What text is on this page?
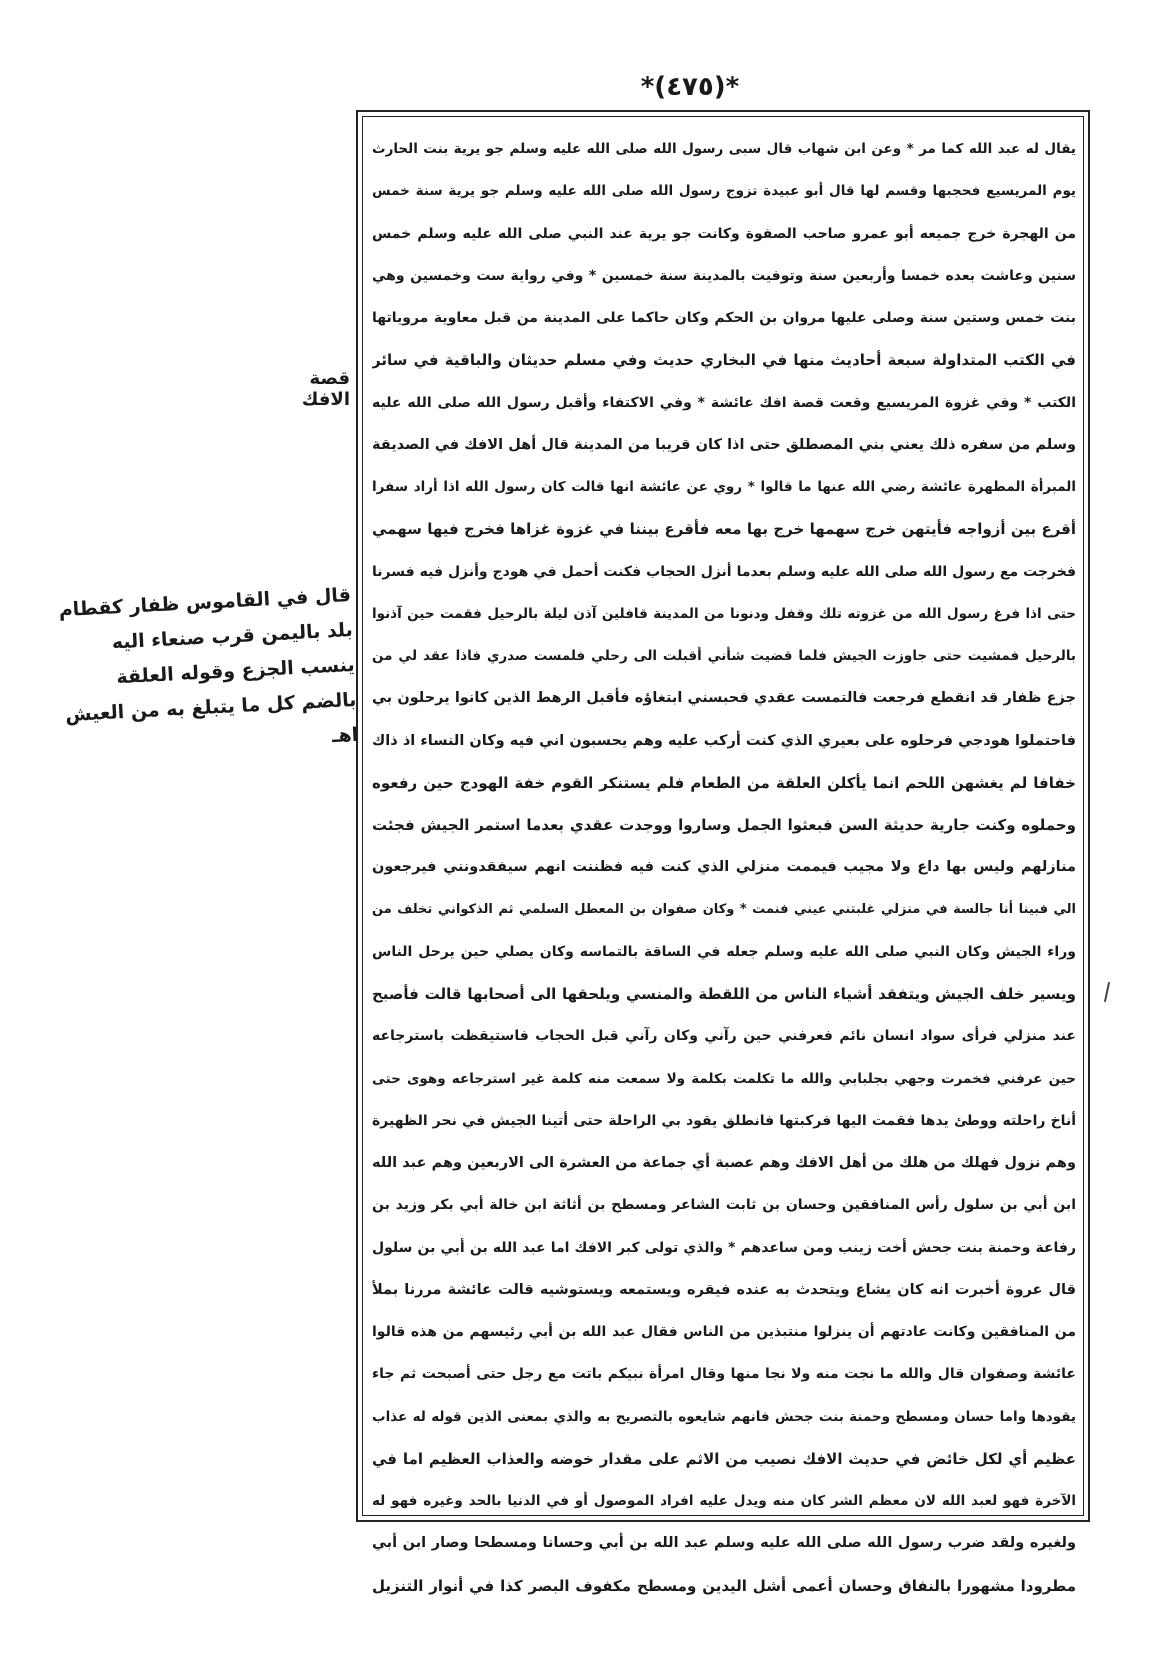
*(٤٧٥)*
يقال له عبد الله كما مر * وعن ابن شهاب قال سبى رسول الله صلى الله عليه وسلم جو يرية بنت الحارث
يوم المريسيع فحجبها وقسم لها قال أبو عبيدة تزوج رسول الله صلى الله عليه وسلم جو يرية سنة خمس
من الهجرة خرج جميعه أبو عمرو صاحب الصفوة وكانت جو يرية عند النبي صلى الله عليه وسلم خمس
سنين وعاشت بعده خمسا وأربعين سنة وتوفيت بالمدينة سنة خمسين * وفي رواية ست وخمسين وهي
بنت خمس وستين سنة وصلى عليها مروان بن الحكم وكان حاكما على المدينة من قبل معاوية مروياتها
في الكتب المتداولة سبعة أحاديث منها في البخاري حديث وفي مسلم حديثان والباقية في سائر
الكتب * وفي غزوة المريسيع وقعت قصة افك عائشة * وفي الاكتفاء وأقبل رسول الله صلى الله عليه
وسلم من سفره ذلك يعني بني المصطلق حتى اذا كان قريبا من المدينة قال أهل الافك في الصديقة
المبرأة المطهرة عائشة رضي الله عنها ما قالوا * روي عن عائشة انها قالت كان رسول الله اذا أراد سفرا
أقرع بين أزواجه فأيتهن خرج سهمها خرج بها معه فأقرع بيننا في غزوة غزاها فخرج فيها سهمي
فخرجت مع رسول الله صلى الله عليه وسلم بعدما أنزل الحجاب فكنت أحمل في هودج وأنزل فيه فسرنا
حتى اذا فرغ رسول الله من غزوته تلك وقفل ودنونا من المدينة قافلين آذن ليلة بالرحيل فقمت حين آذنوا
بالرحيل فمشيت حتى جاوزت الجيش فلما قضيت شأني أقبلت الى رحلي فلمست صدري فاذا عقد لي من
جزع ظفار قد انقطع فرجعت فالتمست عقدي فحبسني ابتغاؤه فأقبل الرهط الذين كانوا يرحلون بي
فاحتملوا هودجي فرحلوه على بعيري الذي كنت أركب عليه وهم يحسبون اني فيه وكان النساء اذ ذاك
خفافا لم يغشهن اللحم انما يأكلن العلقة من الطعام فلم يستنكر القوم خفة الهودج حين رفعوه
وحملوه وكنت جارية حديثة السن فبعثوا الجمل وساروا ووجدت عقدي بعدما استمر الجيش فجئت
منازلهم وليس بها داع ولا مجيب فيممت منزلي الذي كنت فيه فظننت انهم سيفقدونني فيرجعون
الي فبينا أنا جالسة في منزلي غلبتني عيني فنمت * وكان صفوان بن المعطل السلمي ثم الذكواني تخلف من
وراء الجيش وكان النبي صلى الله عليه وسلم جعله في الساقة بالتماسه وكان يصلي حين يرحل الناس
ويسير خلف الجيش ويتفقد أشياء الناس من اللقطة والمنسي ويلحقها الى أصحابها قالت فأصبح
عند منزلي فرأى سواد انسان نائم فعرفني حين رآني وكان رآني قبل الحجاب فاستيقظت باسترجاعه
حين عرفني فخمرت وجهي بجلبابي والله ما تكلمت بكلمة ولا سمعت منه كلمة غير استرجاعه وهوى حتى
أناخ راحلته ووطئ يدها فقمت اليها فركبتها فانطلق يقود بي الراحلة حتى أتينا الجيش في نحر الظهيرة
وهم نزول فهلك من هلك من أهل الافك وهم عصبة أي جماعة من العشرة الى الاربعين وهم عبد الله
ابن أبي بن سلول رأس المنافقين وحسان بن ثابت الشاعر ومسطح بن أثاثة ابن خالة أبي بكر وزيد بن
رفاعة وحمنة بنت جحش أخت زينب ومن ساعدهم * والذي تولى كبر الافك اما عبد الله بن أبي بن سلول
قال عروة أخبرت انه كان يشاع ويتحدث به عنده فيقره ويستمعه ويستوشيه قالت عائشة مررنا بملأ
من المنافقين وكانت عادتهم أن ينزلوا منتبذين من الناس فقال عبد الله بن أبي رئيسهم من هذه قالوا
عائشة وصفوان قال والله ما نجت منه ولا نجا منها وقال امرأة نبيكم باتت مع رجل حتى أصبحت ثم جاء
يقودها واما حسان ومسطح وحمنة بنت جحش فانهم شايعوه بالتصريح به والذي بمعنى الذين قوله له عذاب
عظيم أي لكل خائض في حديث الافك نصيب من الاثم على مقدار خوضه والعذاب العظيم اما في
الآخرة فهو لعبد الله لان معظم الشر كان منه ويدل عليه افراد الموصول أو في الدنيا بالحد وغيره فهو له
ولغيره ولقد ضرب رسول الله صلى الله عليه وسلم عبد الله بن أبي وحسانا ومسطحا وصار ابن أبي
مطرودا مشهورا بالنفاق وحسان أعمى أشل اليدين ومسطح مكفوف البصر كذا في أنوار التنزيل
قصة الافك
قال في القاموس ظفار كقطام
بلد باليمن قرب صنعاء اليه
ينسب الجزع وقوله العلقة
بالضم كل ما يتبلغ به من العيش
اهـ
